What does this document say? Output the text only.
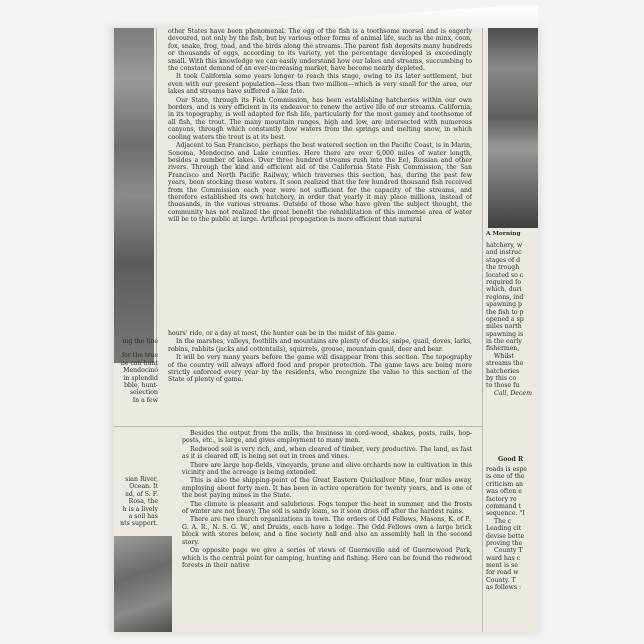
A Morning

other States have been phenomenal. The egg of the fish is a toothsome morsel and is eagerly devoured, not only by the fish, but by various other forms of animal life, such as the minx, coon, fox, snake, frog, toad, and the birds along the streams. The parent fish deposits many hundreds or thousands of eggs, according to its variety, yet the percentage developed is exceedingly small. With this knowledge we can easily understand how our lakes and streams, succumbing to the constant demand of an ever-increasing market, have become nearly depleted.

It took California some years longer to reach this stage, owing to its later settlement, but even with our present population—less than two million—which is very small for the area, our lakes and streams have suffered a like fate.

Our State, through its Fish Commission, has been establishing hatcheries within our own borders, and is very efficient in its endeavor to renew the active life of our streams. California, in its topography, is well adapted for fish life, particularly for the most gamey and toothsome of all fish, the trout. The many mountain ranges, high and low, are intersected with numerous canyons, through which constantly flow waters from the springs and melting snow, in which cooling waters the trout is at its best.

Adjacent to San Francisco, perhaps the best watered section on the Pacific Coast, is in Marin, Sonoma, Mendocino and Lake counties. Here there are over 6,000 miles of water length, besides a number of lakes. Over three hundred streams rush into the Eel, Russian and other rivers. Through the kind and efficient aid of the California State Fish Commission, the San Francisco and North Pacific Railway, which traverses this section, has, during the past few years, been stocking these waters. It soon realized that the few hundred thousand fish received from the Commission each year were not sufficient for the capacity of the streams, and therefore established its own hatchery, in order that yearly it may place millions, instead of thousands, in the various streams. Outside of those who have given the subject thought, the community has not realized the great benefit the rehabilitation of this immense area of water will be to the public at large. Artificial propagation is more efficient than natural

hours' ride, or a day at most, the hunter can be in the midst of his game.

In the marshes, valleys, foothills and mountains are plenty of ducks, snipe, quail, doves, larks, robins, rabbits (jacks and cottontails), squirrels, grouse, mountain quail, deer and bear.

It will be very many years before the game will disappear from this section. The topography of the country will always afford food and proper protection. The game laws are being more strictly enforced every year by the residents, who recognize the value to this section of the State of plenty of game.

Besides the output from the mills, the business in cord-wood, shakes, posts, rails, hop-posts, etc., is large, and gives employment to many men.

Redwood soil is very rich, and, when cleared of timber, very productive. The land, as fast as it is cleared off, is being set out in trees and vines.

There are large hop-fields, vineyards, prune and olive orchards now in cultivation in this vicinity and the acreage is being extended.

This is also the shipping-point of the Great Eastern Quicksilver Mine, four miles away, employing about forty men. It has been in active operation for twenty years, and is one of the best paying mines in the State.

The climate is pleasant and salubrious. Fogs temper the heat in summer, and the frosts of winter are not heavy. The soil is sandy loam, so it soon dries off after the hardest rains.

There are two church organizations in town. The orders of Odd Fellows, Masons, K. of P., G. A. R., N. S. G. W., and Druids, each have a lodge. The Odd Fellows own a large brick block with stores below, and a fine society hall and also an assembly hall in the second story.

On opposite page we give a series of views of Guerneville and of Guernewood Park, which is the central point for camping, hunting and fishing. Here can be found the redwood forests in their native

ing the line
for the true
ne can hunt
Mendocino
in splendid
bble, hunt-
selection
In a few
sian River,
Ocean. It
ad, of S. F.
Rosa, the
h is a lively
a soil has
nts support.
hatchery, w
and instruc
stages of d
the trough
located so c
required fo
which, duri
regions, ind
spawning p
the fish to p
opened a sp
miles north
spawning is
in the early
fishermen,
Whilst
streams the
hatcheries
by this co
to those fu
Call, Decem
Good R
roads is espe
is one of the
criticism an
was often e
factory re
command t
sequence. "I
The c
Leading cit
devise bette
proving the
County T
ward has c
ment is se
for road w
County. T
as follows :
